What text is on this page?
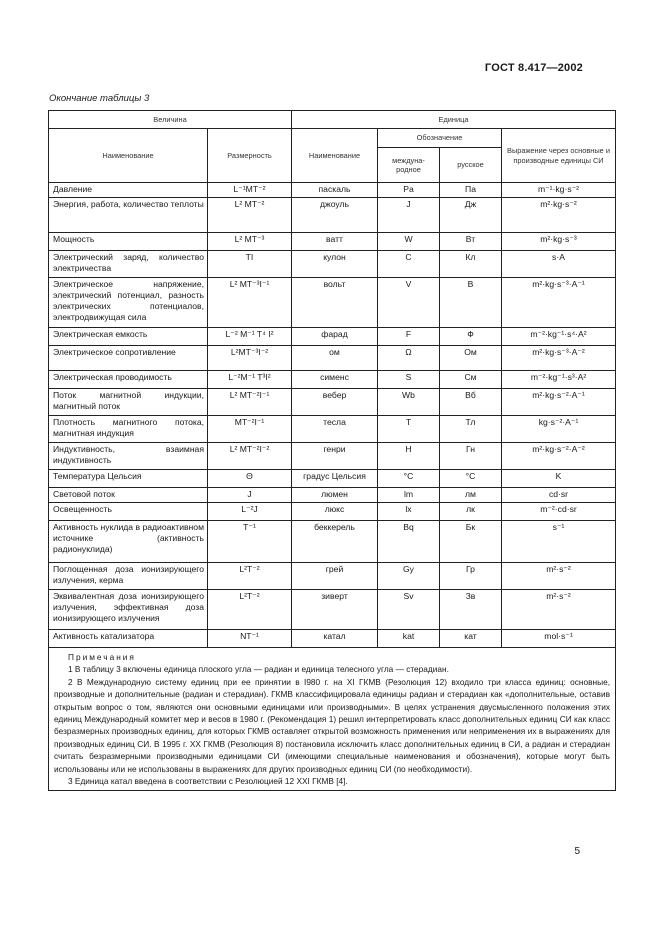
ГОСТ 8.417—2002
Окончание таблицы 3
Величина		Единица			
Наименование	Размерность	Наименование	Обозначение		Выражение через основные и производные единицы СИ
			междуна-родное	русское	
Давление	L⁻¹MT⁻²	паскаль	Pa	Па	m⁻¹·kg·s⁻²
Энергия, работа, количество теплоты	L² MT⁻²	джоуль	J	Дж	m²·kg·s⁻²
Мощность	L² MT⁻³	ватт	W	Вт	m²·kg·s⁻³
Электрический заряд, количество электричества	TI	кулон	C	Кл	s·A
Электрическое напряжение, электрический потенциал, разность электрических потенциалов, электродвижущая сила	L² MT⁻³I⁻¹	вольт	V	В	m²·kg·s⁻³·A⁻¹
Электрическая емкость	L⁻² M⁻¹ T⁴ I²	фарад	F	Ф	m⁻²·kg⁻¹·s⁴·A²
Электрическое сопротивление	L²MT⁻³I⁻²	ом	Ω	Ом	m²·kg·s⁻³·A⁻²
Электрическая проводимость	L⁻²M⁻¹ T³I²	сименс	S	См	m⁻²·kg⁻¹·s³·A²
Поток магнитной индукции, магнитный поток	L² MT⁻²I⁻¹	вебер	Wb	Вб	m²·kg·s⁻²·A⁻¹
Плотность магнитного потока, магнитная индукция	MT⁻²I⁻¹	тесла	T	Тл	kg·s⁻²·A⁻¹
Индуктивность, взаимная индуктивность	L² MT⁻²I⁻²	генри	H	Гн	m²·kg·s⁻²·A⁻²
Температура Цельсия	Θ	градус Цельсия	°C	°C	K
Световой поток	J	люмен	lm	лм	cd·sr
Освещенность	L⁻²J	люкс	lx	лк	m⁻²·cd·sr
Активность нуклида в радиоактивном источнике (активность радионуклида)	T⁻¹	беккерель	Bq	Бк	s⁻¹
Поглощенная доза ионизирующего излучения, керма	L²T⁻²	грей	Gy	Гр	m²·s⁻²
Эквивалентная доза ионизирующего излучения, эффективная доза ионизирующего излучения	L²T⁻²	зиверт	Sv	Зв	m²·s⁻²
Активность катализатора	NT⁻¹	катал	kat	кат	mol·s⁻¹

Примечания

1 В таблицу 3 включены единица плоского угла — радиан и единица телесного угла — стерадиан.

2 В Международную систему единиц при ее принятии в I980 г. на XI ГКМВ (Резолюция 12) входило три класса единиц: основные, производные и дополнительные (радиан и стерадиан). ГКМВ классифицировала единицы радиан и стерадиан как «дополнительные, оставив открытым вопрос о том, являются они основными единицами или производными». В целях устранения двусмысленного положения этих единиц Международный комитет мер и весов в 1980 г. (Рекомендация 1) решил интерпретировать класс дополнительных единиц СИ как класс безразмерных производных единиц, для которых ГКМВ оставляет открытой возможность применения или неприменения их в выражениях для производных единиц СИ. В 1995 г. XX ГКМВ (Резолюция 8) постановила исключить класс дополнительных единиц в СИ, а радиан и стерадиан считать безразмерными производными единицами СИ (имеющими специальные наименования и обозначения), которые могут быть использованы или не использованы в выражениях для других производных единиц СИ (по необходимости).

3 Единица катал введена в соответствии с Резолюцией 12 XXI ГКМВ [4].					

5
